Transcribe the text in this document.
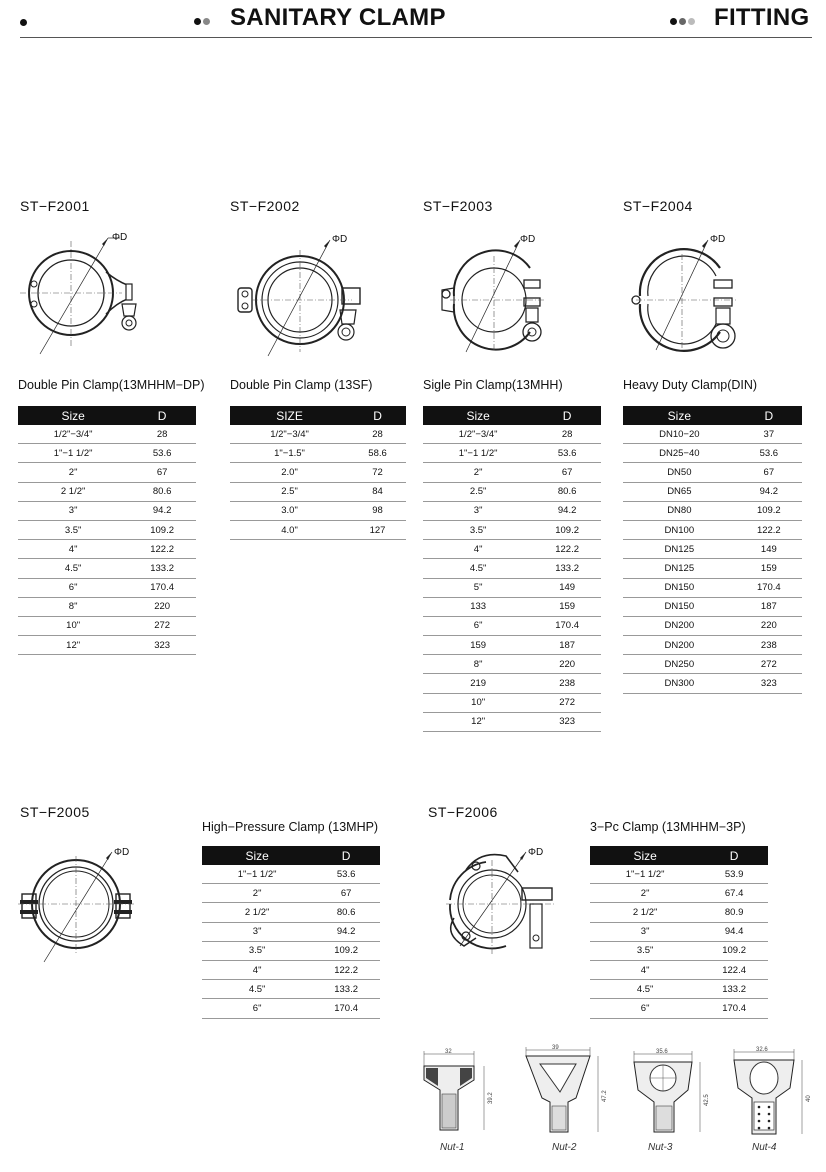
SANITARY CLAMP	FITTING
ST−F2001	ST−F2002	ST−F2003	ST−F2004
ST−F2005	ST−F2006
ΦD	ΦD	ΦD	ΦD
ΦD	ΦD
Double Pin Clamp(13MHHM−DP) Double Pin Clamp (13SF)	Sigle Pin Clamp(13MHH)	Heavy Duty Clamp(DIN)
High−Pressure Clamp (13MHP)	3−Pc Clamp (13MHHM−3P)
Size	D
1/2"−3/4"	28
1"−1 1/2"	53.6
2"	67
2 1/2"	80.6
3"	94.2
3.5"	109.2
4"	122.2
4.5"	133.2
6"	170.4
8"	220
10"	272
12"	323
SIZE	D
1/2"−3/4"	28
1"−1.5"	58.6
2.0"	72
2.5"	84
3.0"	98
4.0"	127
Size	D
1/2"−3/4"	28
1"−1 1/2"	53.6
2"	67
2.5"	80.6
3"	94.2
3.5"	109.2
4"	122.2
4.5"	133.2
5"	149
133	159
6"	170.4
159	187
8"	220
219	238
10"	272
12"	323
Size	D
DN10−20	37
DN25−40	53.6
DN50	67
DN65	94.2
DN80	109.2
DN100	122.2
DN125	149
DN125	159
DN150	170.4
DN150	187
DN200	220
DN200	238
DN250	272
DN300	323
Size	D
1"−1 1/2"	53.6
2"	67
2 1/2"	80.6
3"	94.2
3.5"	109.2
4"	122.2
4.5"	133.2
6"	170.4
Size	D
1"−1 1/2"	53.9
2"	67.4
2 1/2"	80.9
3"	94.4
3.5"	109.2
4"	122.4
4.5"	133.2
6"	170.4
32
39.2
Nut-1
39
47.2
Nut-2
35.6
42.5
Nut-3
32.6
40
Nut-4
